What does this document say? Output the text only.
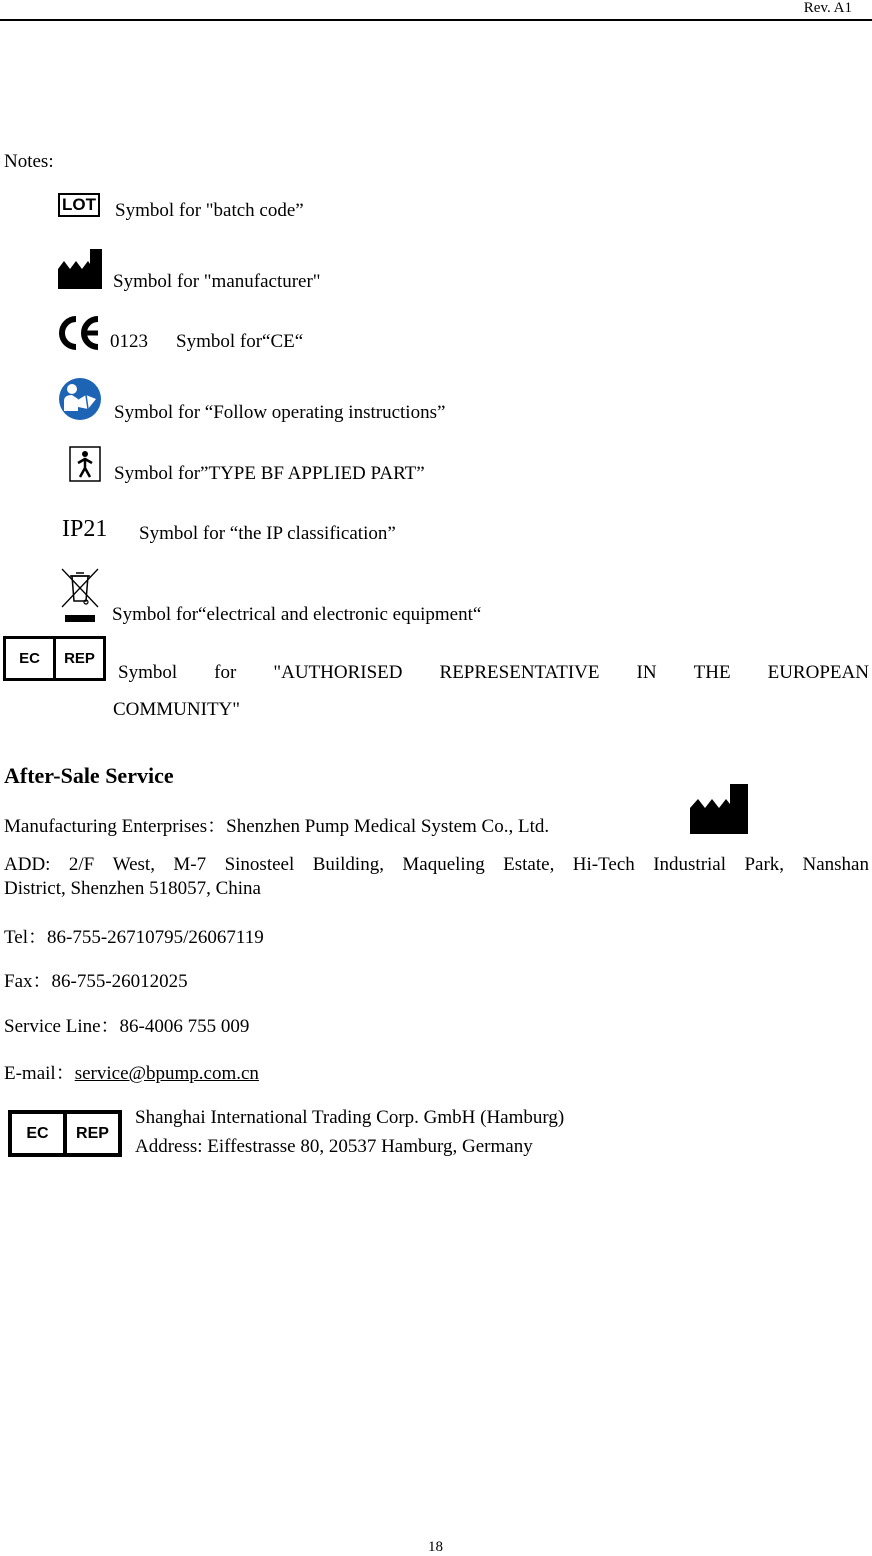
Rev. A1
Notes:
LOT Symbol for "batch code”
Symbol for "manufacturer"
0123 Symbol for“CE“
Symbol for “Follow operating instructions”
Symbol for”TYPE BF APPLIED PART”
IP21 Symbol for “the IP classification”
Symbol for“electrical and electronic equipment“
EC	REP
Symbol for "AUTHORISED REPRESENTATIVE IN THE EUROPEAN
COMMUNITY"
After-Sale Service
Manufacturing Enterprises：Shenzhen Pump Medical System Co., Ltd.
ADD: 2/F West, M-7 Sinosteel Building, Maqueling Estate, Hi-Tech Industrial Park, Nanshan
District, Shenzhen 518057, China
Tel：86-755-26710795/26067119
Fax：86-755-26012025
Service Line：86-4006 755 009
E-mail：service@bpump.com.cn
EC	REP
Shanghai International Trading Corp. GmbH (Hamburg)
Address: Eiffestrasse 80, 20537 Hamburg, Germany
18
